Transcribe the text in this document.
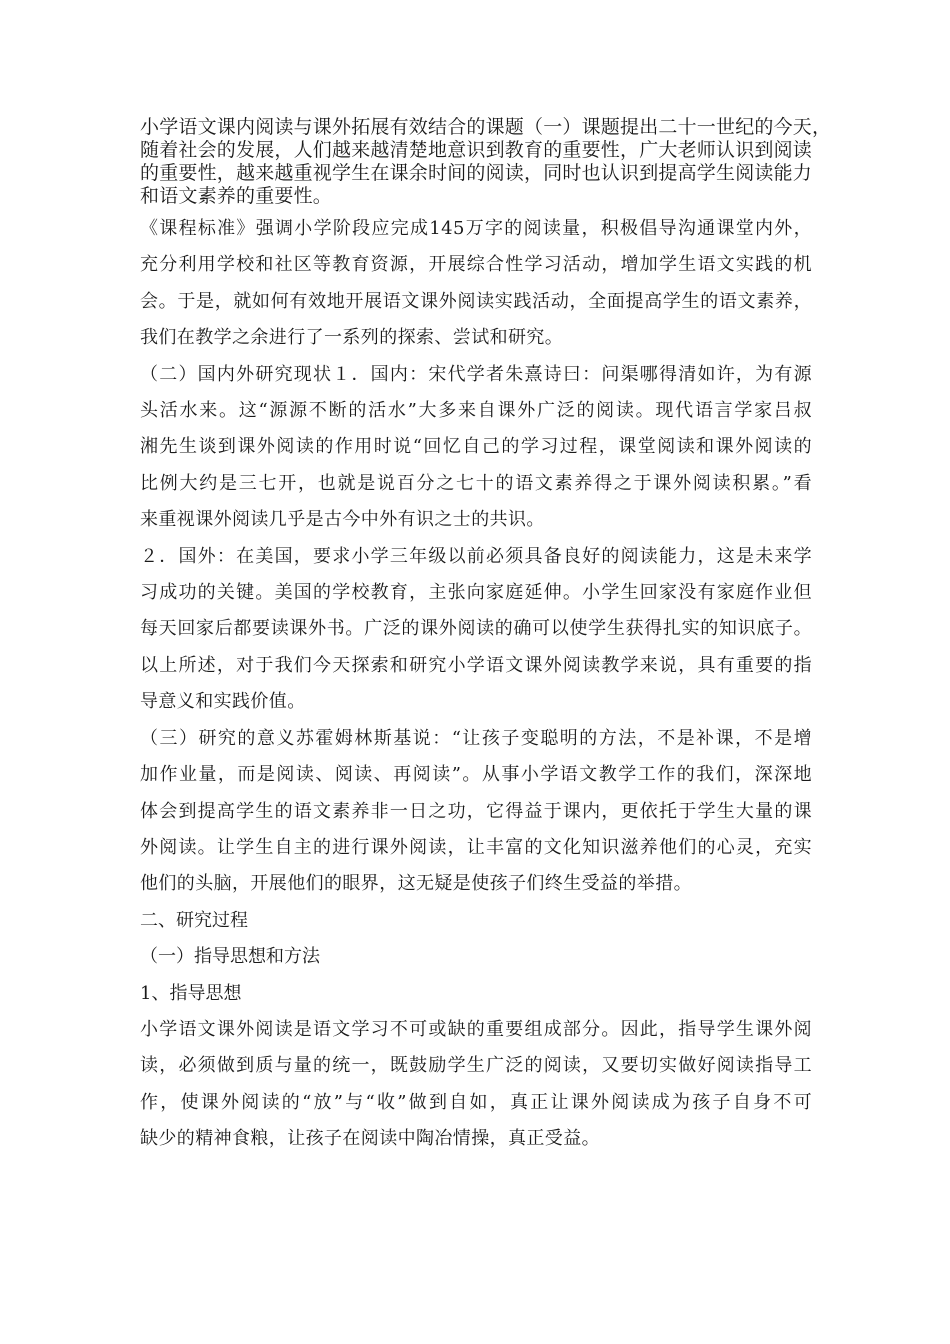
小学语文课内阅读与课外拓展有效结合的课题（一）课题提出二十一世纪的今天，
随着社会的发展，人们越来越清楚地意识到教育的重要性，广大老师认识到阅读
的重要性，越来越重视学生在课余时间的阅读，同时也认识到提高学生阅读能力
和语文素养的重要性。

《课程标准》强调小学阶段应完成145万字的阅读量，积极倡导沟通课堂内外，
充分利用学校和社区等教育资源，开展综合性学习活动，增加学生语文实践的机
会。于是，就如何有效地开展语文课外阅读实践活动，全面提高学生的语文素养，
我们在教学之余进行了一系列的探索、尝试和研究。

（二）国内外研究现状１．国内：宋代学者朱熹诗曰：问渠哪得清如许，为有源
头活水来。这“源源不断的活水”大多来自课外广泛的阅读。现代语言学家吕叔
湘先生谈到课外阅读的作用时说“回忆自己的学习过程，课堂阅读和课外阅读的
比例大约是三七开，也就是说百分之七十的语文素养得之于课外阅读积累。”看
来重视课外阅读几乎是古今中外有识之士的共识。

２．国外：在美国，要求小学三年级以前必须具备良好的阅读能力，这是未来学
习成功的关键。美国的学校教育，主张向家庭延伸。小学生回家没有家庭作业但
每天回家后都要读课外书。广泛的课外阅读的确可以使学生获得扎实的知识底子。
以上所述，对于我们今天探索和研究小学语文课外阅读教学来说，具有重要的指
导意义和实践价值。

（三）研究的意义苏霍姆林斯基说：“让孩子变聪明的方法，不是补课，不是增
加作业量，而是阅读、阅读、再阅读”。从事小学语文教学工作的我们，深深地
体会到提高学生的语文素养非一日之功，它得益于课内，更依托于学生大量的课
外阅读。让学生自主的进行课外阅读，让丰富的文化知识滋养他们的心灵，充实
他们的头脑，开展他们的眼界，这无疑是使孩子们终生受益的举措。

二、研究过程

（一）指导思想和方法

1、指导思想

小学语文课外阅读是语文学习不可或缺的重要组成部分。因此，指导学生课外阅
读，必须做到质与量的统一，既鼓励学生广泛的阅读，又要切实做好阅读指导工
作，使课外阅读的“放”与“收”做到自如，真正让课外阅读成为孩子自身不可
缺少的精神食粮，让孩子在阅读中陶冶情操，真正受益。
